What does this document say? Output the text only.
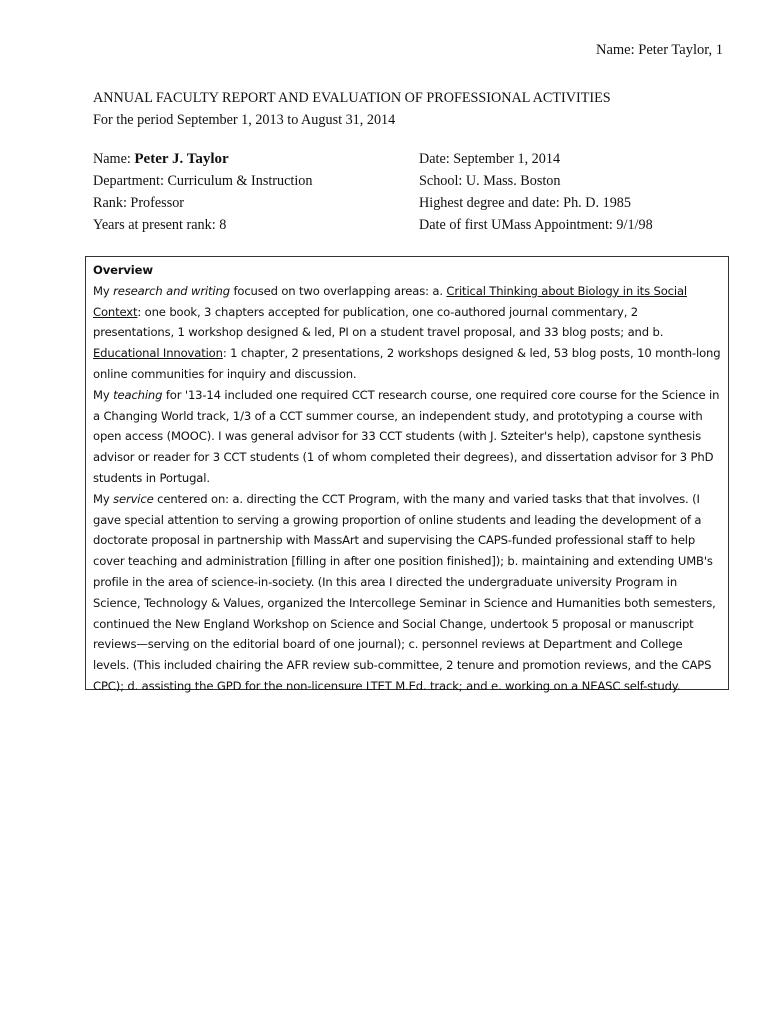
Name: Peter Taylor, 1
ANNUAL FACULTY REPORT AND EVALUATION OF PROFESSIONAL ACTIVITIES
For the period September 1, 2013 to August 31, 2014
Name: Peter J. Taylor	Date: September 1, 2014
Department: Curriculum & Instruction	School: U. Mass. Boston
Rank: Professor	Highest degree and date: Ph. D. 1985
Years at present rank: 8	Date of first UMass Appointment: 9/1/98
Overview

My research and writing focused on two overlapping areas: a. Critical Thinking about Biology in its Social Context: one book, 3 chapters accepted for publication, one co-authored journal commentary, 2 presentations, 1 workshop designed & led, PI on a student travel proposal, and 33 blog posts; and b. Educational Innovation: 1 chapter, 2 presentations, 2 workshops designed & led, 53 blog posts, 10 month-long online communities for inquiry and discussion.

My teaching for '13-14 included one required CCT research course, one required core course for the Science in a Changing World track, 1/3 of a CCT summer course, an independent study, and prototyping a course with open access (MOOC). I was general advisor for 33 CCT students (with J. Szteiter's help), capstone synthesis advisor or reader for 3 CCT students (1 of whom completed their degrees), and dissertation advisor for 3 PhD students in Portugal.

My service centered on: a. directing the CCT Program, with the many and varied tasks that that involves. (I gave special attention to serving a growing proportion of online students and leading the development of a doctorate proposal in partnership with MassArt and supervising the CAPS-funded professional staff to help cover teaching and administration [filling in after one position finished]); b. maintaining and extending UMB's profile in the area of science-in-society. (In this area I directed the undergraduate university Program in Science, Technology & Values, organized the Intercollege Seminar in Science and Humanities both semesters, continued the New England Workshop on Science and Social Change, undertook 5 proposal or manuscript reviews—serving on the editorial board of one journal); c. personnel reviews at Department and College levels. (This included chairing the AFR review sub-committee, 2 tenure and promotion reviews, and the CAPS CPC); d. assisting the GPD for the non-licensure LTET M.Ed. track; and e. working on a NEASC self-study.
